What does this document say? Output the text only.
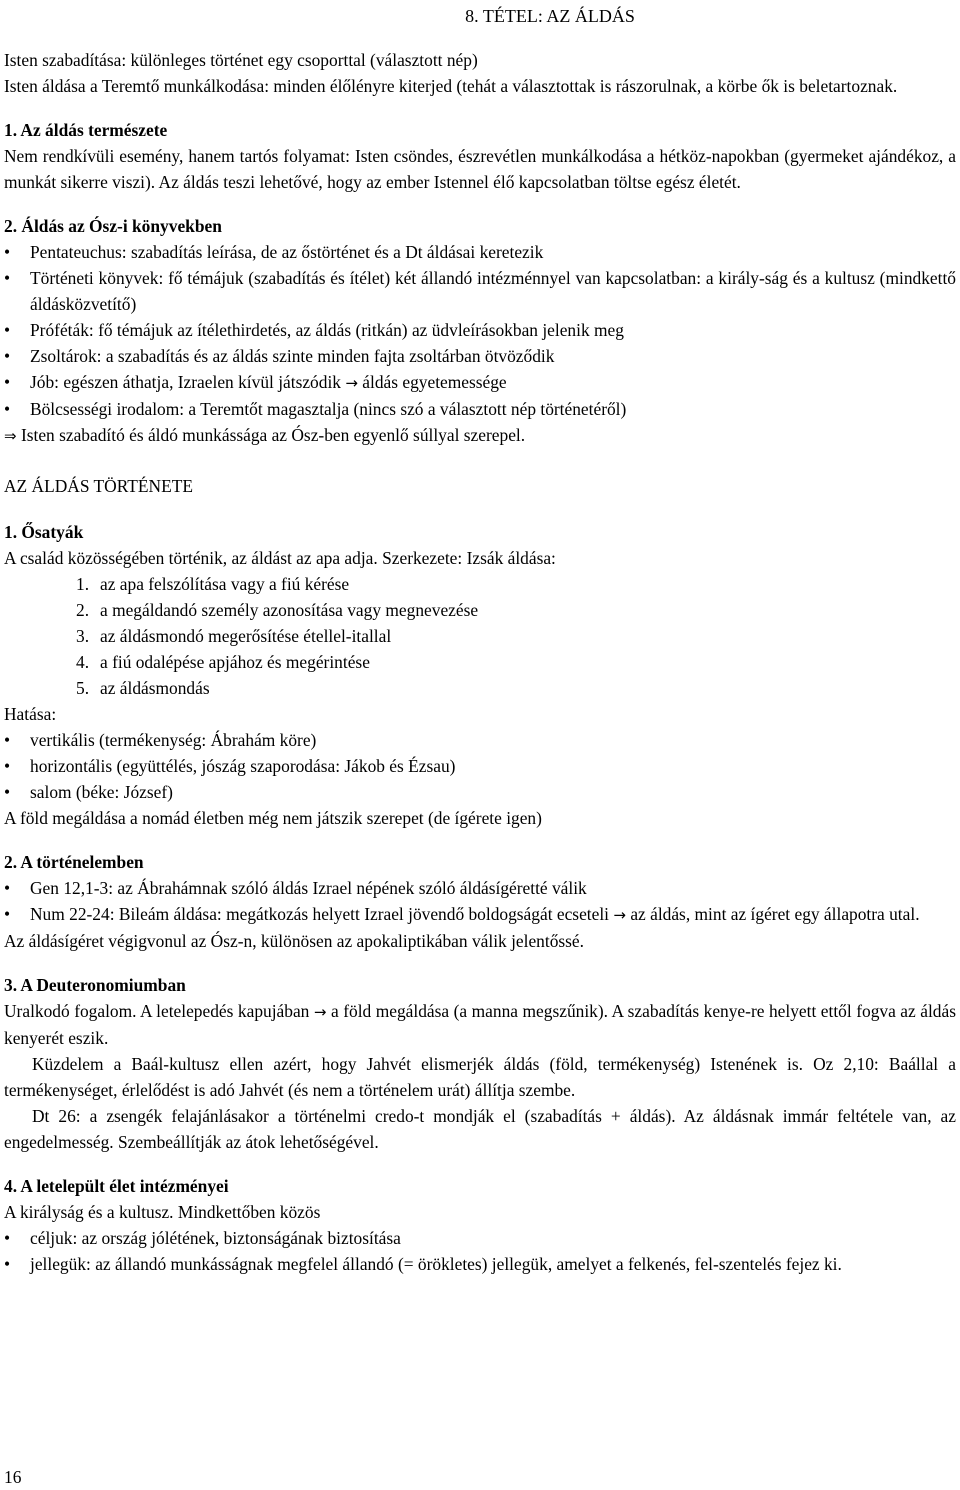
8. TÉTEL: AZ ÁLDÁS

Isten szabadítása: különleges történet egy csoporttal (választott nép)

Isten áldása a Teremtő munkálkodása: minden élőlényre kiterjed (tehát a választottak is rászorulnak, a körbe ők is beletartoznak.

1. Az áldás természete

Nem rendkívüli esemény, hanem tartós folyamat: Isten csöndes, észrevétlen munkálkodása a hétköz-napokban (gyermeket ajándékoz, a munkát sikerre viszi). Az áldás teszi lehetővé, hogy az ember Istennel élő kapcsolatban töltse egész életét.

2. Áldás az Ósz-i könyvekben

•	Pentateuchus: szabadítás leírása, de az őstörténet és a Dt áldásai keretezik
•	Történeti könyvek: fő témájuk (szabadítás és ítélet) két állandó intézménnyel van kapcsolatban: a király-ság és a kultusz (mindkettő áldásközvetítő)
•	Próféták: fő témájuk az ítélethirdetés, az áldás (ritkán) az üdvleírásokban jelenik meg
•	Zsoltárok: a szabadítás és az áldás szinte minden fajta zsoltárban ötvöződik
•	Jób: egészen áthatja, Izraelen kívül játszódik → áldás egyetemessége
•	Bölcsességi irodalom: a Teremtőt magasztalja (nincs szó a választott nép történetéről)

⇒ Isten szabadító és áldó munkássága az Ósz-ben egyenlő súllyal szerepel.

AZ ÁLDÁS TÖRTÉNETE

1. Ősatyák

A család közösségében történik, az áldást az apa adja. Szerkezete: Izsák áldása:

1. az apa felszólítása vagy a fiú kérése
2. a megáldandó személy azonosítása vagy megnevezése
3. az áldásmondó megerősítése étellel-itallal
4. a fiú odalépése apjához és megérintése
5. az áldásmondás

Hatása:

•	vertikális (termékenység: Ábrahám köre)
•	horizontális (együttélés, jószág szaporodása: Jákob és Ézsau)
•	salom (béke: József)

A föld megáldása a nomád életben még nem játszik szerepet (de ígérete igen)

2. A történelemben

•	Gen 12,1-3: az Ábrahámnak szóló áldás Izrael népének szóló áldásígéretté válik
•	Num 22-24: Bileám áldása: megátkozás helyett Izrael jövendő boldogságát ecseteli → az áldás, mint az ígéret egy állapotra utal.

Az áldásígéret végigvonul az Ósz-n, különösen az apokaliptikában válik jelentőssé.

3. A Deuteronomiumban

Uralkodó fogalom. A letelepedés kapujában → a föld megáldása (a manna megszűnik). A szabadítás kenye-re helyett ettől fogva az áldás kenyerét eszik.

Küzdelem a Baál-kultusz ellen azért, hogy Jahvét elismerjék áldás (föld, termékenység) Istenének is. Oz 2,10: Baállal a termékenységet, érlelődést is adó Jahvét (és nem a történelem urát) állítja szembe.

Dt 26: a zsengék felajánlásakor a történelmi credo-t mondják el (szabadítás + áldás). Az áldásnak immár feltétele van, az engedelmesség. Szembeállítják az átok lehetőségével.

4. A letelepült élet intézményei

A királyság és a kultusz. Mindkettőben közös

•	céljuk: az ország jólétének, biztonságának biztosítása
•	jellegük: az állandó munkásságnak megfelel állandó (= örökletes) jellegük, amelyet a felkenés, fel-szentelés fejez ki.
16
